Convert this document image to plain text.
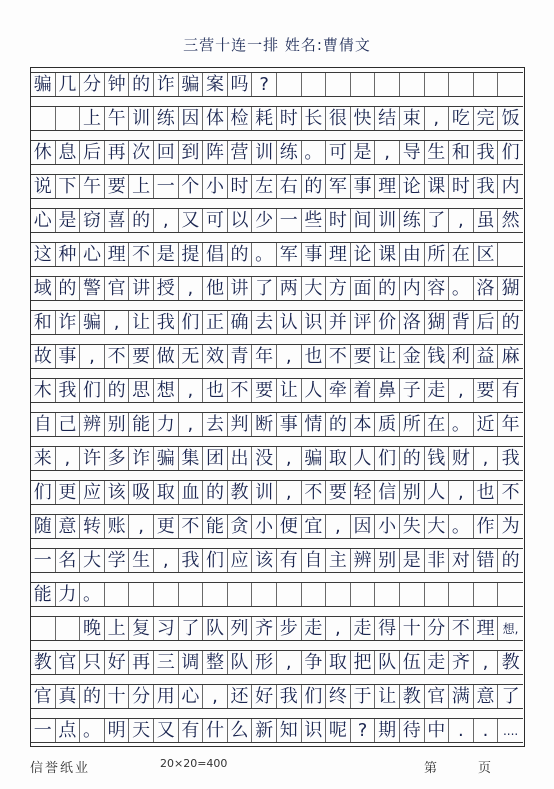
三营十连一排 姓名:曹倩文
骗 几 分 钟 的 诈 骗 案 吗 ?
上 午 训 练 因 体 检 耗 时 长 很 快 结 束 , 吃 完 饭
休 息 后 再 次 回 到 阵 营 训 练 。 可 是 , 导 生 和 我 们
说 下 午 要 上 一 个 小 时 左 右 的 军 事 理 论 课 时 我 内
心 是 窃 喜 的 , 又 可 以 少 一 些 时 间 训 练 了 , 虽 然
这 种 心 理 不 是 提 倡 的 。 军 事 理 论 课 由 所 在 区
域 的 警 官 讲 授 , 他 讲 了 两 大 方 面 的 内 容 。 洛 猢
和 诈 骗 , 让 我 们 正 确 去 认 识 并 评 价 洛 猢 背 后 的
故 事 , 不 要 做 无 效 青 年 , 也 不 要 让 金 钱 利 益 麻
木 我 们 的 思 想 , 也 不 要 让 人 牵 着 鼻 子 走 , 要 有
自 己 辨 别 能 力 , 去 判 断 事 情 的 本 质 所 在 。 近 年
来 , 许 多 诈 骗 集 团 出 没 , 骗 取 人 们 的 钱 财 , 我
们 更 应 该 吸 取 血 的 教 训 , 不 要 轻 信 别 人 , 也 不
随 意 转 账 , 更 不 能 贪 小 便 宜 , 因 小 失 大 。 作 为
一 名 大 学 生 , 我 们 应 该 有 自 主 辨 别 是 非 对 错 的
能 力 。
晚 上 复 习 了 队 列 齐 步 走 , 走 得 十 分 不 理 想,
教 官 只 好 再 三 调 整 队 形 , 争 取 把 队 伍 走 齐 , 教
官 真 的 十 分 用 心 , 还 好 我 们 终 于 让 教 官 满 意 了
一 点 。 明 天 又 有 什 么 新 知 识 呢 ? 期 待 中 .	.	....
信誉纸业	20×20=400	第	页
